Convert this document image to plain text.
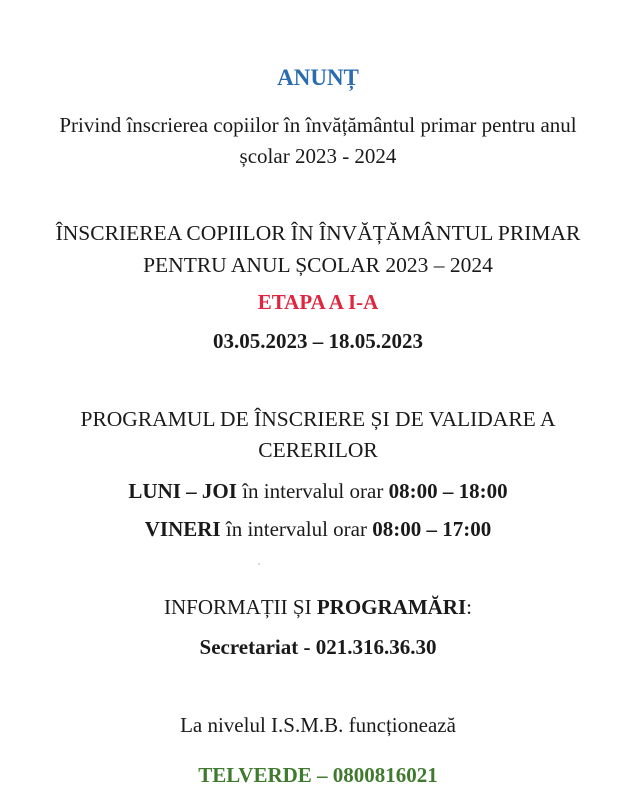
ANUNȚ
Privind înscrierea copiilor în învățământul primar pentru anul
școlar 2023 - 2024
ÎNSCRIEREA COPIILOR ÎN ÎNVĂȚĂMÂNTUL PRIMAR
PENTRU ANUL ȘCOLAR 2023 – 2024
ETAPA A I-A
03.05.2023 – 18.05.2023
PROGRAMUL DE ÎNSCRIERE ȘI DE VALIDARE A
CERERILOR
LUNI – JOI în intervalul orar 08:00 – 18:00
VINERI în intervalul orar 08:00 – 17:00
INFORMAȚII ȘI PROGRAMĂRI:
Secretariat - 021.316.36.30
La nivelul I.S.M.B. funcționează
TELVERDE – 0800816021
